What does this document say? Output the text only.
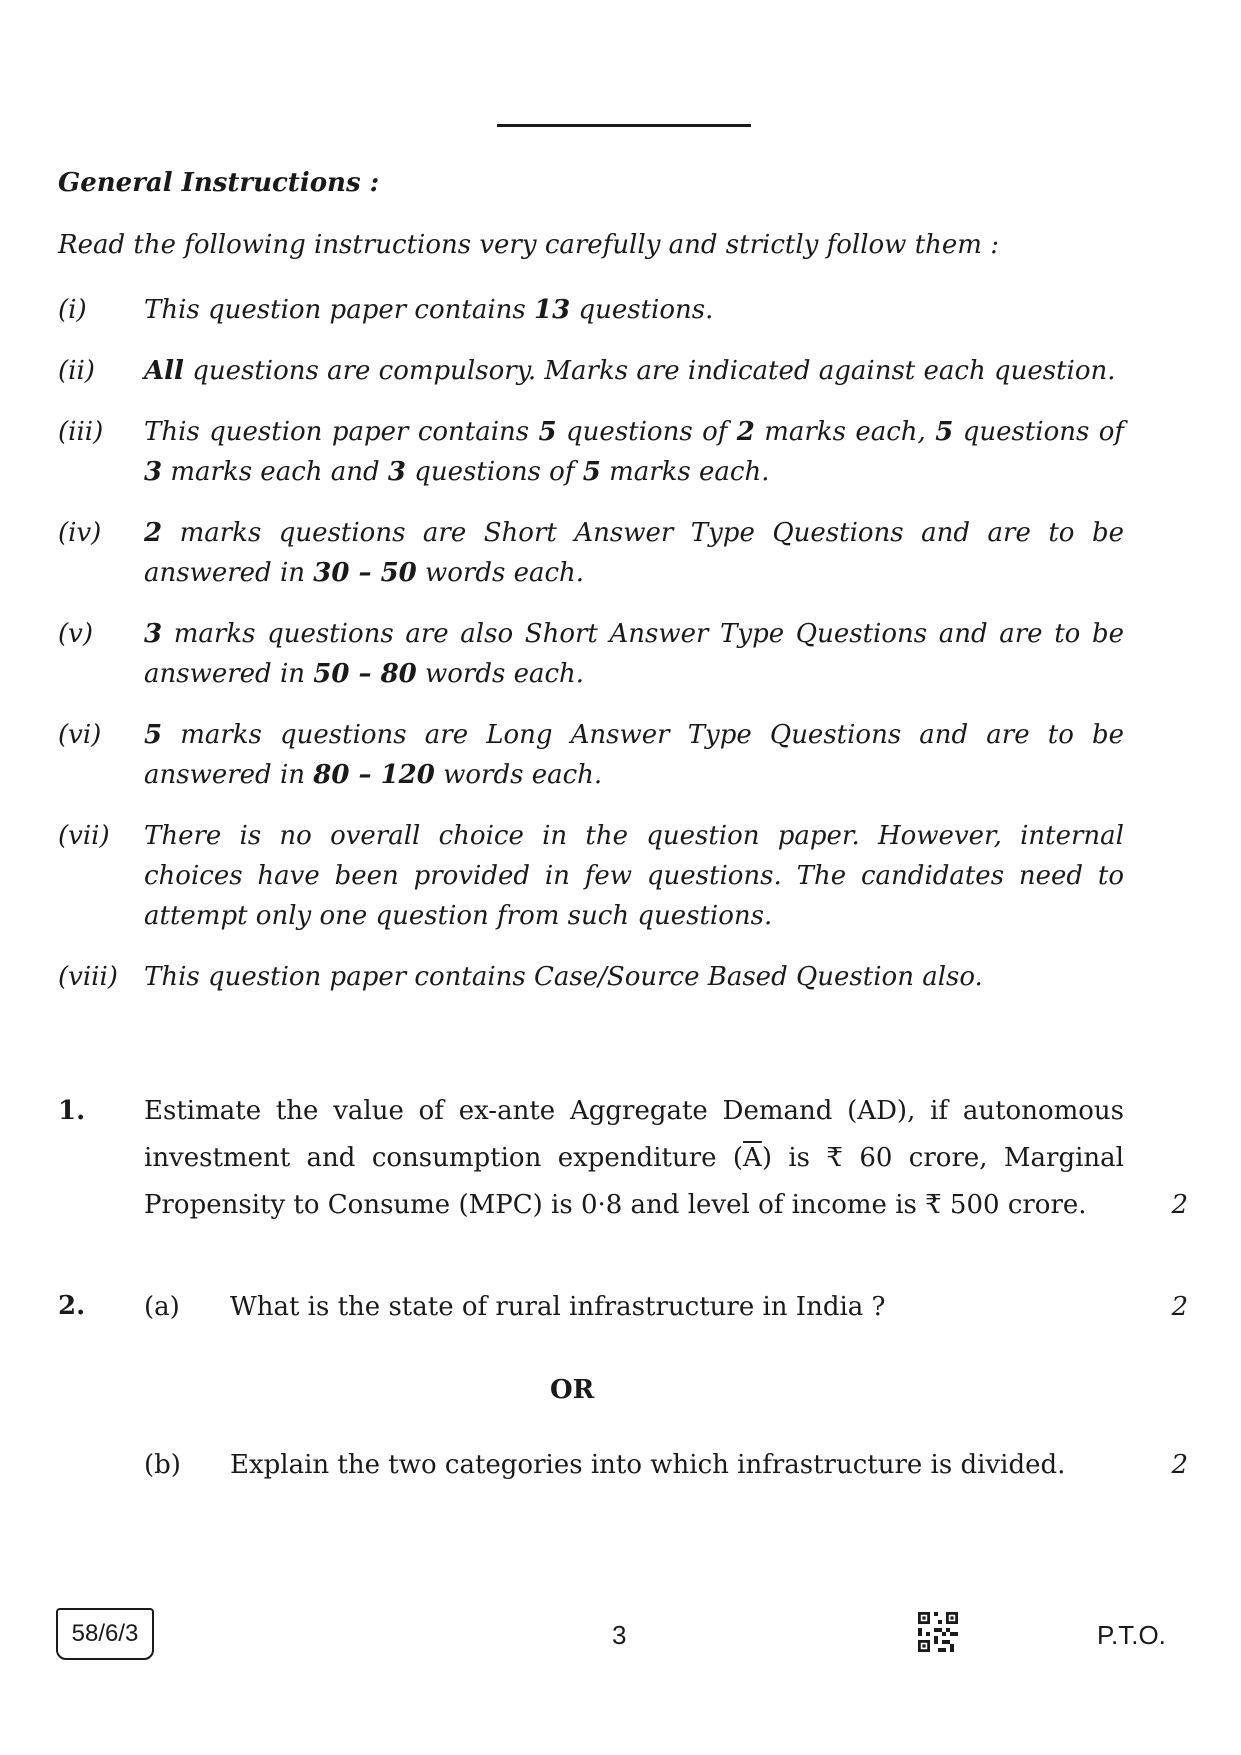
General Instructions :
Read the following instructions very carefully and strictly follow them :
(i)	This question paper contains 13 questions.
(ii)	All questions are compulsory. Marks are indicated against each question.
(iii)	This question paper contains 5 questions of 2 marks each, 5 questions of 3 marks each and 3 questions of 5 marks each.
(iv)	2 marks questions are Short Answer Type Questions and are to be answered in 30 – 50 words each.
(v)	3 marks questions are also Short Answer Type Questions and are to be answered in 50 – 80 words each.
(vi)	5 marks questions are Long Answer Type Questions and are to be answered in 80 – 120 words each.
(vii)	There is no overall choice in the question paper. However, internal choices have been provided in few questions. The candidates need to attempt only one question from such questions.
(viii)	This question paper contains Case/Source Based Question also.
1. Estimate the value of ex-ante Aggregate Demand (AD), if autonomous investment and consumption expenditure $(\overline{A})$ is ₹ 60 crore, Marginal Propensity to Consume (MPC) is 0·8 and level of income is ₹ 500 crore.	2
2. (a) What is the state of rural infrastructure in India ?	2
OR
(b) Explain the two categories into which infrastructure is divided.	2
58/6/3	3	P.T.O.
